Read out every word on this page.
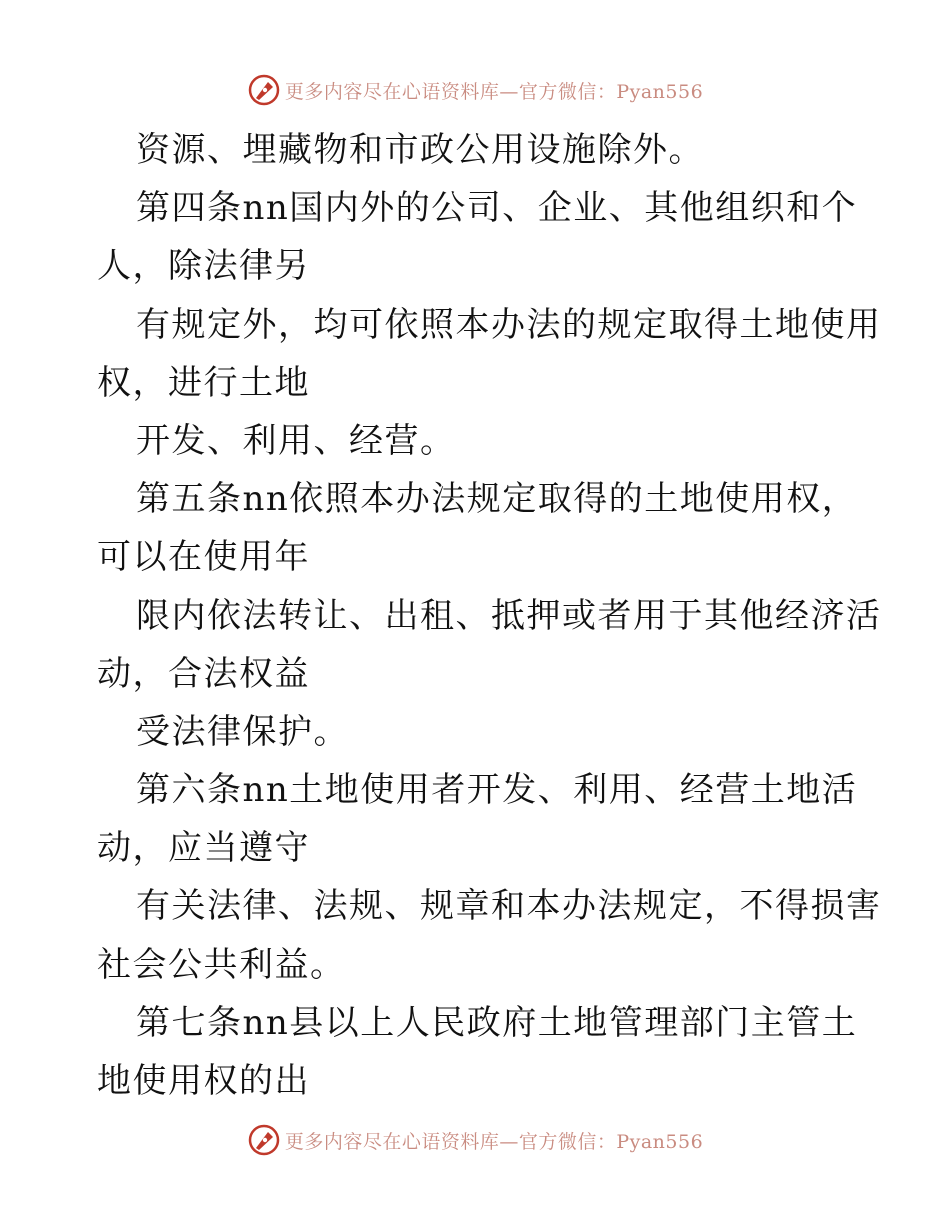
更多内容尽在心语资料库—官方微信：Pyan556
资源、埋藏物和市政公用设施除外。
第四条nn国内外的公司、企业、其他组织和个
人，除法律另
有规定外，均可依照本办法的规定取得土地使用
权，进行土地
开发、利用、经营。
第五条nn依照本办法规定取得的土地使用权，
可以在使用年
限内依法转让、出租、抵押或者用于其他经济活
动，合法权益
受法律保护。
第六条nn土地使用者开发、利用、经营土地活
动，应当遵守
有关法律、法规、规章和本办法规定，不得损害
社会公共利益。
第七条nn县以上人民政府土地管理部门主管土
地使用权的出
更多内容尽在心语资料库—官方微信：Pyan556
